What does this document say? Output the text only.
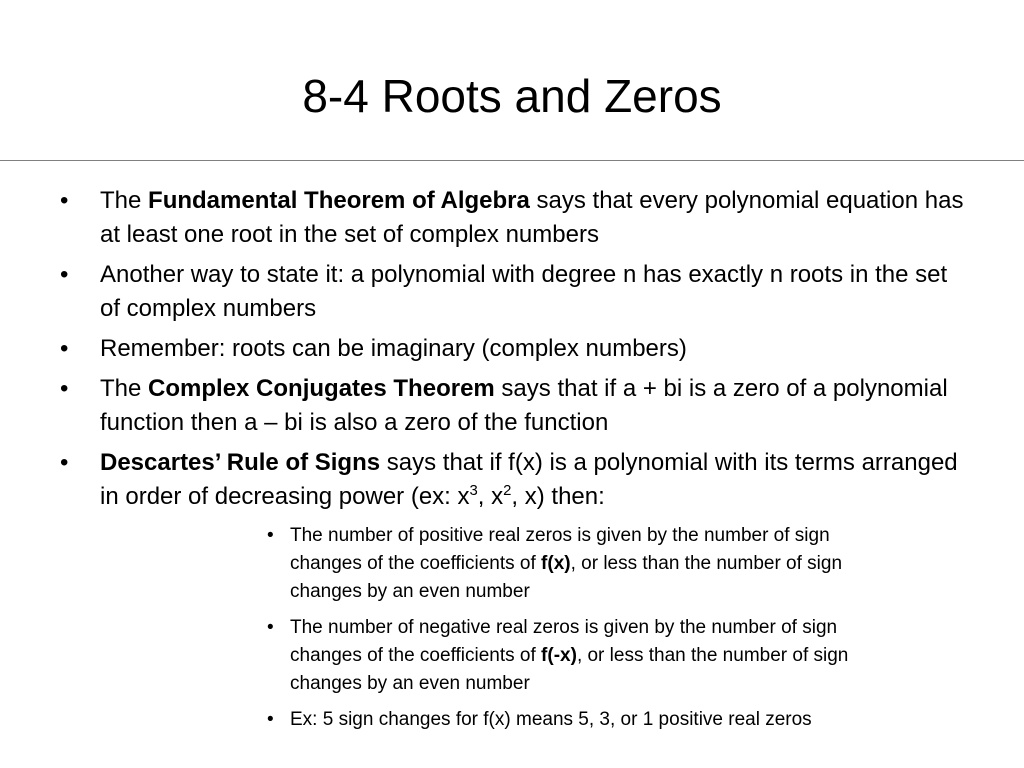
8-4 Roots and Zeros
• The Fundamental Theorem of Algebra says that every polynomial equation has at least one root in the set of complex numbers
• Another way to state it: a polynomial with degree n has exactly n roots in the set of complex numbers
• Remember: roots can be imaginary (complex numbers)
• The Complex Conjugates Theorem says that if a + bi is a zero of a polynomial function then a – bi is also a zero of the function
• Descartes’ Rule of Signs says that if f(x) is a polynomial with its terms arranged in order of decreasing power (ex: $x^3$, $x^2$, x) then:
• The number of positive real zeros is given by the number of sign changes of the coefficients of f(x), or less than the number of sign changes by an even number
• The number of negative real zeros is given by the number of sign changes of the coefficients of f(-x), or less than the number of sign changes by an even number
• Ex: 5 sign changes for f(x) means 5, 3, or 1 positive real zeros
